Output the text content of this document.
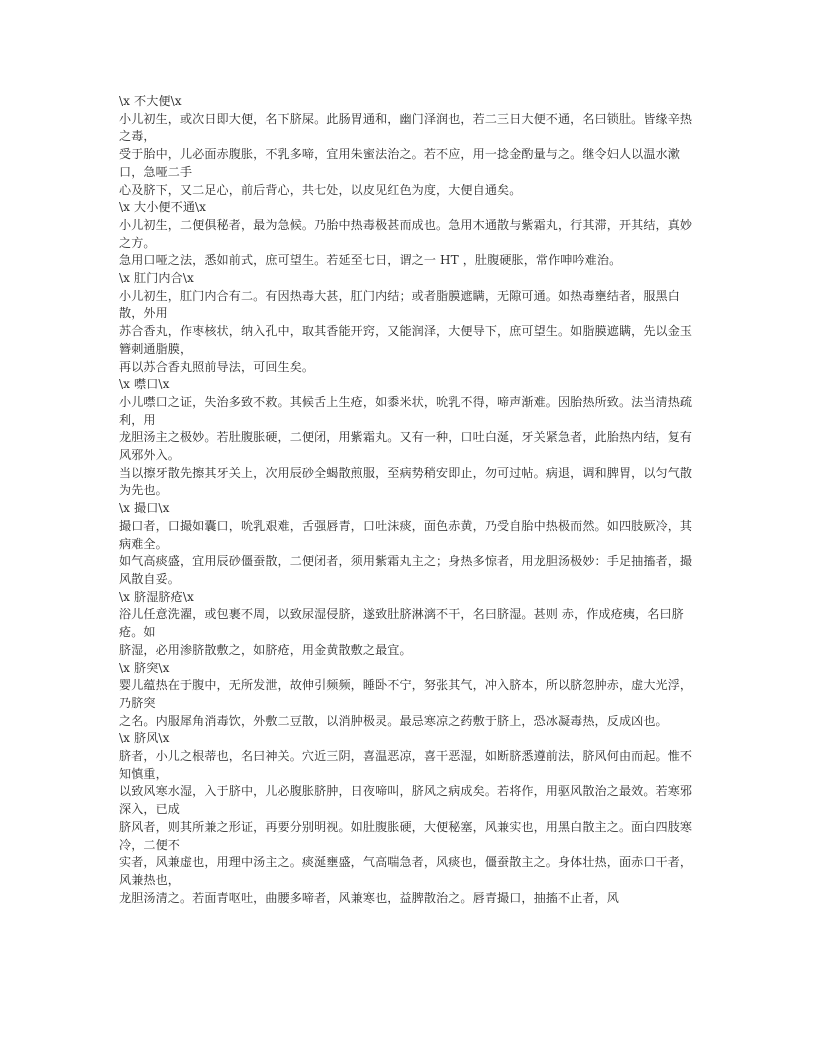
\x 不大便\x
小儿初生，或次日即大便，名下脐屎。此肠胃通和，幽门泽润也，若二三日大便不通，名曰锁肚。皆缘辛热之毒，
受于胎中，儿必面赤腹胀，不乳多啼，宜用朱蜜法治之。若不应，用一捻金酌量与之。继令妇人以温水漱口，急哑二手
心及脐下，又二足心，前后背心，共七处，以皮见红色为度，大便自通矣。
\x 大小便不通\x
小儿初生，二便俱秘者，最为急候。乃胎中热毒极甚而成也。急用木通散与紫霜丸，行其滞，开其结，真妙之方。
急用口哑之法，悉如前式，庶可望生。若延至七日，谓之一 HT ，肚腹硬胀，常作呻吟难治。
\x 肛门内合\x
小儿初生，肛门内合有二。有因热毒大甚，肛门内结；或者脂膜遮瞒，无隙可通。如热毒壅结者，服黑白散，外用
苏合香丸，作枣核状，纳入孔中，取其香能开窍，又能润泽，大便导下，庶可望生。如脂膜遮瞒，先以金玉簪刺通脂膜，
再以苏合香丸照前导法，可回生矣。
\x 噤口\x
小儿噤口之证，失治多致不救。其候舌上生疮，如黍米状，吮乳不得，啼声渐难。因胎热所致。法当清热疏利，用
龙胆汤主之极妙。若肚腹胀硬，二便闭，用紫霜丸。又有一种，口吐白涎，牙关紧急者，此胎热内结，复有风邪外入。
当以擦牙散先擦其牙关上，次用辰砂全蝎散煎服，至病势稍安即止，勿可过帖。病退，调和脾胃，以匀气散为先也。
\x 撮口\x
撮口者，口撮如囊口，吮乳艰难，舌强唇青，口吐沫痰，面色赤黄，乃受自胎中热极而然。如四肢厥冷，其病难全。
如气高痰盛，宜用辰砂僵蚕散，二便闭者，须用紫霜丸主之；身热多惊者，用龙胆汤极妙：手足抽搐者，撮风散自妥。
\x 脐湿脐疮\x
浴儿任意洗濯，或包裹不周，以致尿湿侵脐，遂致肚脐淋漓不干，名曰脐湿。甚则 赤，作成疮痍，名曰脐疮。如
脐湿，必用渗脐散敷之，如脐疮，用金黄散敷之最宜。
\x 脐突\x
婴儿蕴热在于腹中，无所发泄，故伸引频频，睡卧不宁，努张其气，冲入脐本，所以脐忽肿赤，虚大光浮，乃脐突
之名。内服犀角消毒饮，外敷二豆散，以消肿极灵。最忌寒凉之药敷于脐上，恐冰凝毒热，反成凶也。
\x 脐风\x
脐者，小儿之根蒂也，名曰神关。穴近三阴，喜温恶凉，喜干恶湿，如断脐悉遵前法，脐风何由而起。惟不知慎重，
以致风寒水湿，入于脐中，儿必腹胀脐肿，日夜啼叫，脐风之病成矣。若将作，用驱风散治之最效。若寒邪深入，已成
脐风者，则其所兼之形证，再要分别明视。如肚腹胀硬，大便秘塞，风兼实也，用黑白散主之。面白四肢寒冷，二便不
实者，风兼虚也，用理中汤主之。痰涎壅盛，气高喘急者，风痰也，僵蚕散主之。身体壮热，面赤口干者，风兼热也，
龙胆汤清之。若面青呕吐，曲腰多啼者，风兼寒也，益脾散治之。唇青撮口，抽搐不止者，风
